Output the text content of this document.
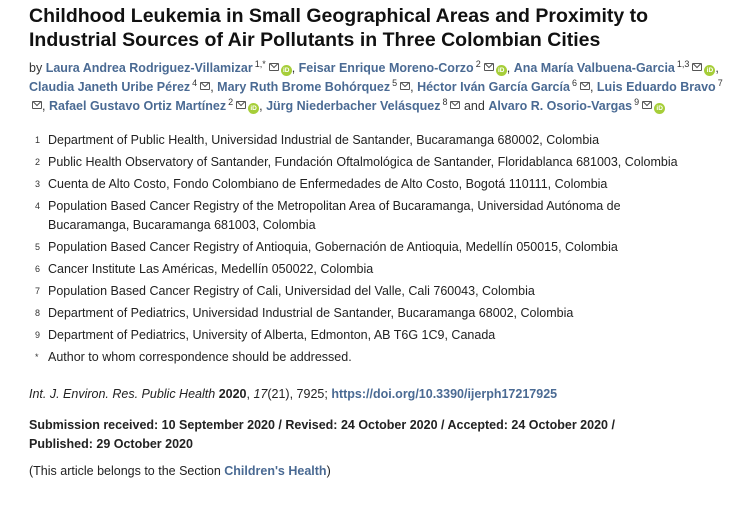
Childhood Leukemia in Small Geographical Areas and Proximity to Industrial Sources of Air Pollutants in Three Colombian Cities
by Laura Andrea Rodriguez-Villamizar $^{1,*}$iD , Feisar Enrique Moreno-Corzo $^2$iD , Ana María Valbuena-Garcia $^{1,3}$iD , Claudia Janeth Uribe Pérez $^4$ , Mary Ruth Brome Bohórquez $^5$ , Héctor Iván García García $^6$ , Luis Eduardo Bravo $^7$, Rafael Gustavo Ortiz Martínez $^2$iD , Jürg Niederbacher Velásquez $^8$ and Alvaro R. Osorio-Vargas $^9$iD
1 Department of Public Health, Universidad Industrial de Santander, Bucaramanga 680002, Colombia
2 Public Health Observatory of Santander, Fundación Oftalmológica de Santander, Floridablanca 681003, Colombia
3 Cuenta de Alto Costo, Fondo Colombiano de Enfermedades de Alto Costo, Bogotá 110111, Colombia
4 Population Based Cancer Registry of the Metropolitan Area of Bucaramanga, Universidad Autónoma de Bucaramanga, Bucaramanga 681003, Colombia
5 Population Based Cancer Registry of Antioquia, Gobernación de Antioquia, Medellín 050015, Colombia
6 Cancer Institute Las Américas, Medellín 050022, Colombia
7 Population Based Cancer Registry of Cali, Universidad del Valle, Cali 760043, Colombia
8 Department of Pediatrics, Universidad Industrial de Santander, Bucaramanga 68002, Colombia
9 Department of Pediatrics, University of Alberta, Edmonton, AB T6G 1C9, Canada
* Author to whom correspondence should be addressed.
Int. J. Environ. Res. Public Health 2020, 17(21), 7925; https://doi.org/10.3390/ijerph17217925
Submission received: 10 September 2020 / Revised: 24 October 2020 / Accepted: 24 October 2020 /
Published: 29 October 2020
(This article belongs to the Section Children's Health)
